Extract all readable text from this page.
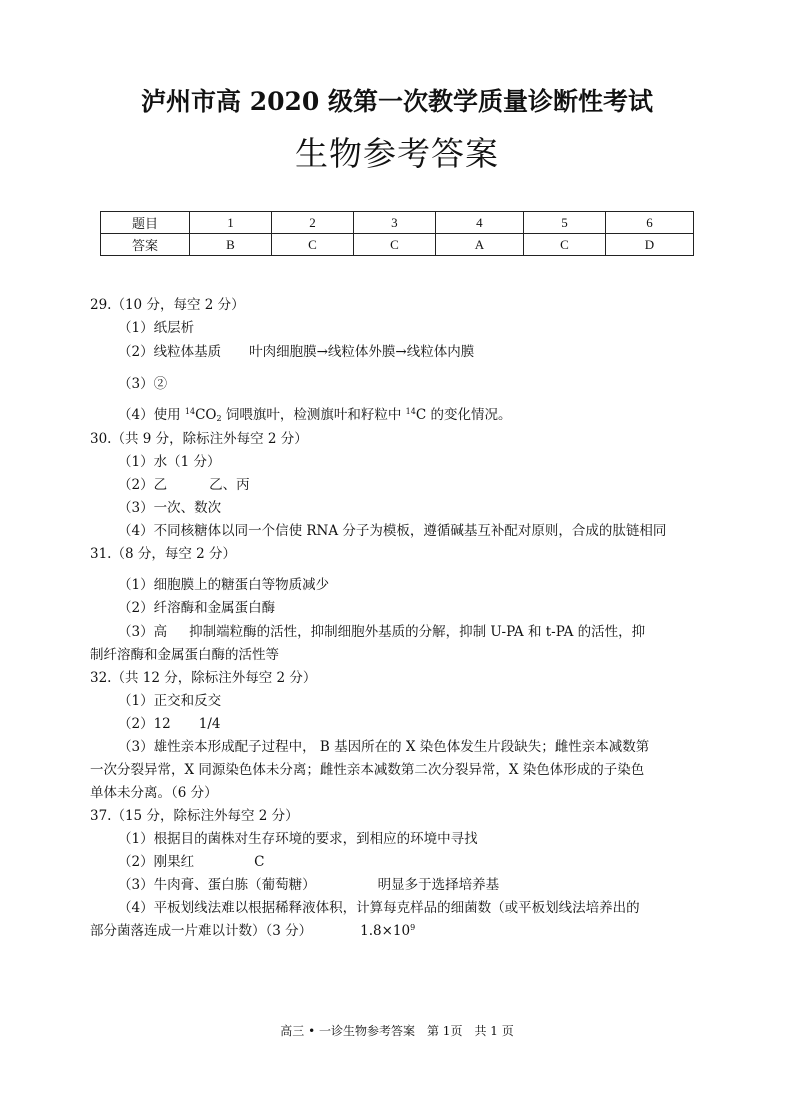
泸州市高 2020 级第一次教学质量诊断性考试
生物参考答案
题目	1	2	3	4	5	6
答案	B	C	C	A	C	D
29.（10 分，每空 2 分）
（1）纸层析
（2）线粒体基质 叶肉细胞膜→线粒体外膜→线粒体内膜
（3）②
（4）使用 $^{14}CO_2$ 饲喂旗叶，检测旗叶和籽粒中 $^{14}$C 的变化情况。
30.（共 9 分，除标注外每空 2 分）
（1）水（1 分）
（2）乙	乙、丙
（3）一次、数次
（4）不同核糖体以同一个信使 RNA 分子为模板，遵循碱基互补配对原则，合成的肽链相同
31.（8 分，每空 2 分）
（1）细胞膜上的糖蛋白等物质减少
（2）纤溶酶和金属蛋白酶
（3）高 抑制端粒酶的活性，抑制细胞外基质的分解，抑制 U-PA 和 t-PA 的活性，抑
制纤溶酶和金属蛋白酶的活性等
32.（共 12 分，除标注外每空 2 分）
（1）正交和反交
（2）12 1/4
（3）雄性亲本形成配子过程中， B 基因所在的 X 染色体发生片段缺失；雌性亲本减数第
一次分裂异常，X 同源染色体未分离；雌性亲本减数第二次分裂异常，X 染色体形成的子染色
单体未分离。（6 分）
37.（15 分，除标注外每空 2 分）
（1）根据目的菌株对生存环境的要求，到相应的环境中寻找
（2）刚果红	C
（3）牛肉膏、蛋白胨（葡萄糖）	明显多于选择培养基
（4）平板划线法难以根据稀释液体积，计算每克样品的细菌数（或平板划线法培养出的
部分菌落连成一片难以计数）（3 分）	$1.8\times 10^9$
高三 • 一诊生物参考答案　第 1页　共 1 页
